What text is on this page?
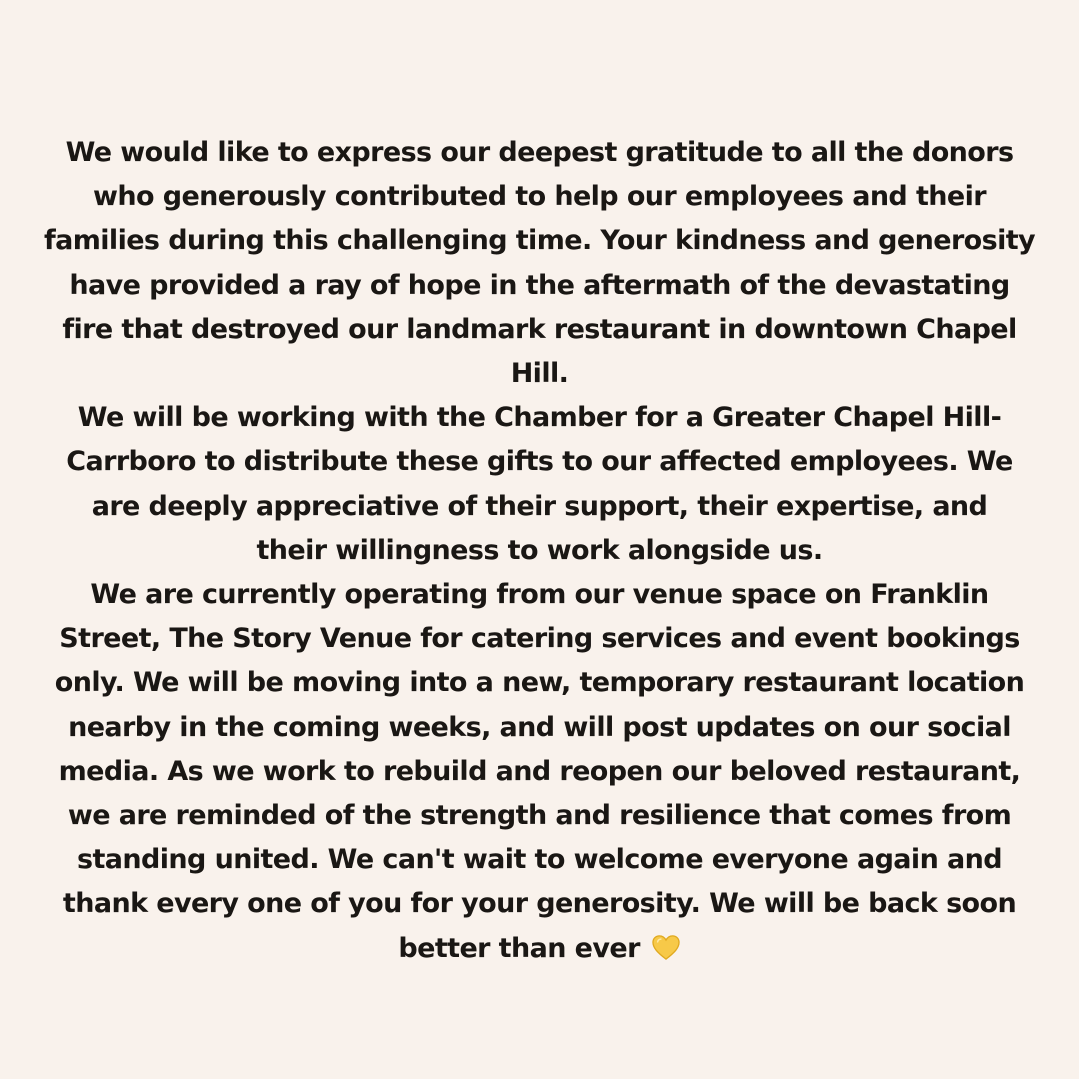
We would like to express our deepest gratitude to all the donors
who generously contributed to help our employees and their
families during this challenging time. Your kindness and generosity
have provided a ray of hope in the aftermath of the devastating
fire that destroyed our landmark restaurant in downtown Chapel
Hill.
We will be working with the Chamber for a Greater Chapel Hill-
Carrboro to distribute these gifts to our affected employees. We
are deeply appreciative of their support, their expertise, and
their willingness to work alongside us.
We are currently operating from our venue space on Franklin
Street, The Story Venue for catering services and event bookings
only. We will be moving into a new, temporary restaurant location
nearby in the coming weeks, and will post updates on our social
media. As we work to rebuild and reopen our beloved restaurant,
we are reminded of the strength and resilience that comes from
standing united. We can't wait to welcome everyone again and
thank every one of you for your generosity. We will be back soon
better than ever
